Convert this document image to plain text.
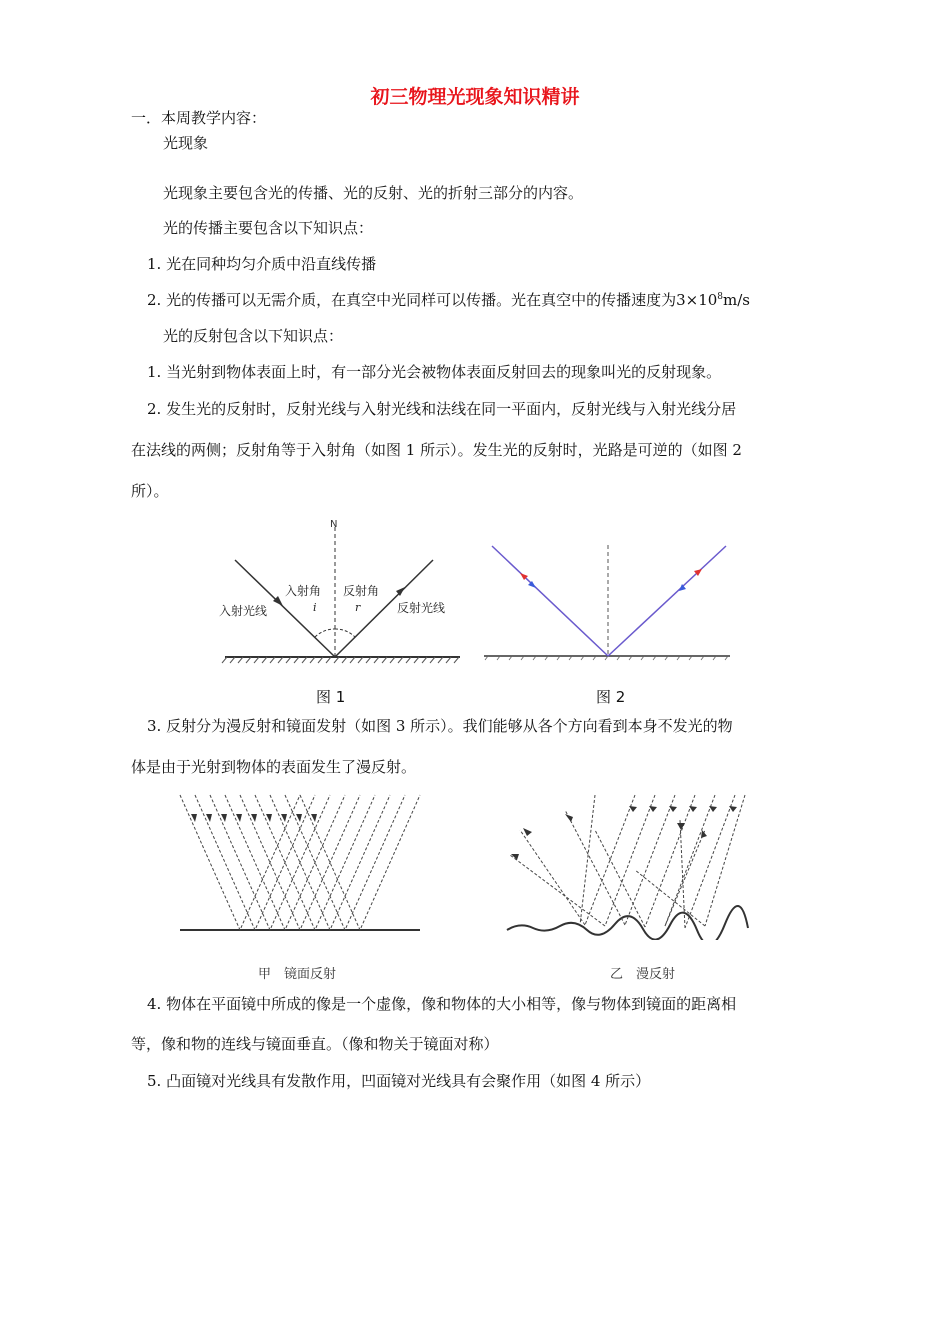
初三物理光现象知识精讲
一．本周教学内容：
光现象
光现象主要包含光的传播、光的反射、光的折射三部分的内容。
光的传播主要包含以下知识点：
1. 光在同种均匀介质中沿直线传播
2. 光的传播可以无需介质，在真空中光同样可以传播。光在真空中的传播速度为$3\times 10^8m/s$
光的反射包含以下知识点：
1. 当光射到物体表面上时，有一部分光会被物体表面反射回去的现象叫光的反射现象。
2. 发生光的反射时，反射光线与入射光线和法线在同一平面内，反射光线与入射光线分居
在法线的两侧；反射角等于入射角（如图 1 所示）。发生光的反射时，光路是可逆的（如图 2
所）。
N
入射角 反射角
i	r
入射光线	反射光线
图 1	图 2
3. 反射分为漫反射和镜面发射（如图 3 所示）。我们能够从各个方向看到本身不发光的物
体是由于光射到物体的表面发生了漫反射。
甲　镜面反射	乙　漫反射
4. 物体在平面镜中所成的像是一个虚像，像和物体的大小相等，像与物体到镜面的距离相
等，像和物的连线与镜面垂直。（像和物关于镜面对称）
5. 凸面镜对光线具有发散作用，凹面镜对光线具有会聚作用（如图 4 所示）
